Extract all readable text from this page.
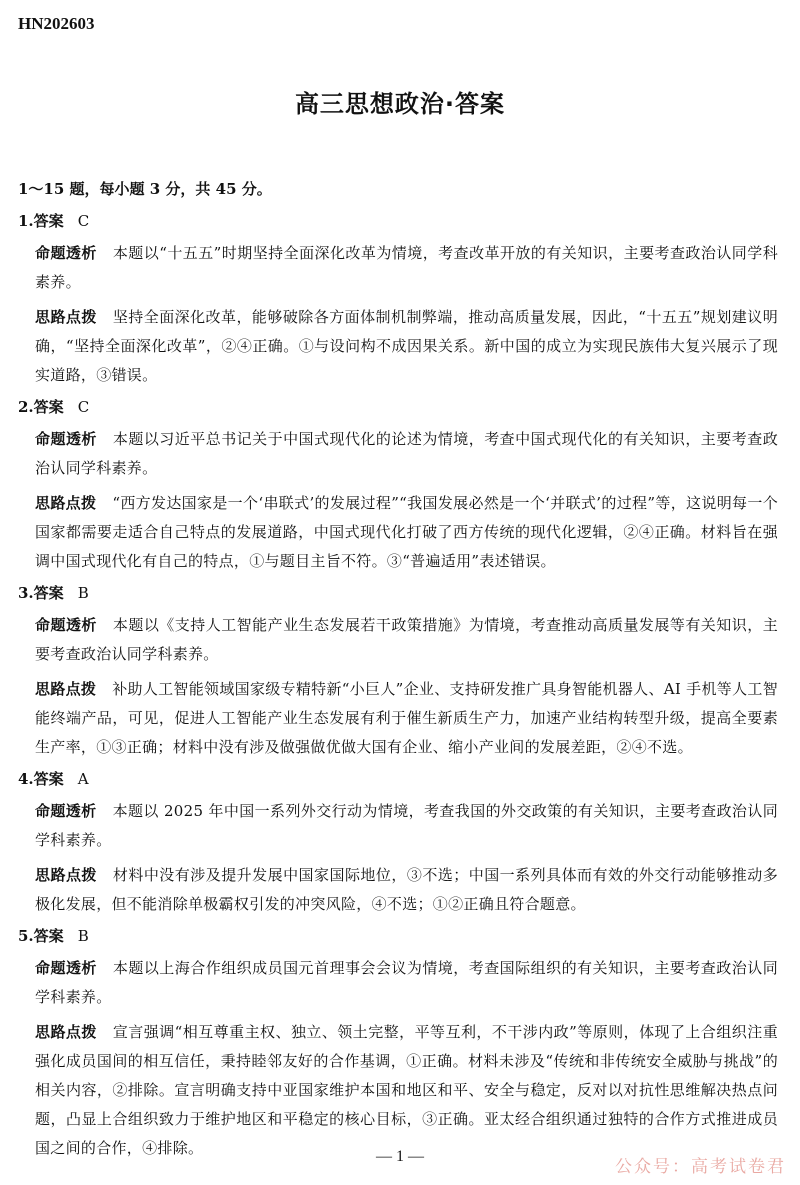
HN202603
高三思想政治·答案
1～15 题，每小题 3 分，共 45 分。
1.答案 C
命题透析 本题以“十五五”时期坚持全面深化改革为情境，考查改革开放的有关知识，主要考查政治认同学科素养。
思路点拨 坚持全面深化改革，能够破除各方面体制机制弊端，推动高质量发展，因此，“十五五”规划建议明确，“坚持全面深化改革”，②④正确。①与设问构不成因果关系。新中国的成立为实现民族伟大复兴展示了现实道路，③错误。
2.答案 C
命题透析 本题以习近平总书记关于中国式现代化的论述为情境，考查中国式现代化的有关知识，主要考查政治认同学科素养。
思路点拨 “西方发达国家是一个‘串联式’的发展过程”“我国发展必然是一个‘并联式’的过程”等，这说明每一个国家都需要走适合自己特点的发展道路，中国式现代化打破了西方传统的现代化逻辑，②④正确。材料旨在强调中国式现代化有自己的特点，①与题目主旨不符。③“普遍适用”表述错误。
3.答案 B
命题透析 本题以《支持人工智能产业生态发展若干政策措施》为情境，考查推动高质量发展等有关知识，主要考查政治认同学科素养。
思路点拨 补助人工智能领域国家级专精特新“小巨人”企业、支持研发推广具身智能机器人、AI 手机等人工智能终端产品，可见，促进人工智能产业生态发展有利于催生新质生产力，加速产业结构转型升级，提高全要素生产率，①③正确；材料中没有涉及做强做优做大国有企业、缩小产业间的发展差距，②④不选。
4.答案 A
命题透析 本题以 2025 年中国一系列外交行动为情境，考查我国的外交政策的有关知识，主要考查政治认同学科素养。
思路点拨 材料中没有涉及提升发展中国家国际地位，③不选；中国一系列具体而有效的外交行动能够推动多极化发展，但不能消除单极霸权引发的冲突风险，④不选；①②正确且符合题意。
5.答案 B
命题透析 本题以上海合作组织成员国元首理事会会议为情境，考查国际组织的有关知识，主要考查政治认同学科素养。
思路点拨 宣言强调“相互尊重主权、独立、领土完整，平等互利，不干涉内政”等原则，体现了上合组织注重强化成员国间的相互信任，秉持睦邻友好的合作基调，①正确。材料未涉及“传统和非传统安全威胁与挑战”的相关内容，②排除。宣言明确支持中亚国家维护本国和地区和平、安全与稳定，反对以对抗性思维解决热点问题，凸显上合组织致力于维护地区和平稳定的核心目标，③正确。亚太经合组织通过独特的合作方式推进成员国之间的合作，④排除。	— 1 —
公众号：高考试卷君
